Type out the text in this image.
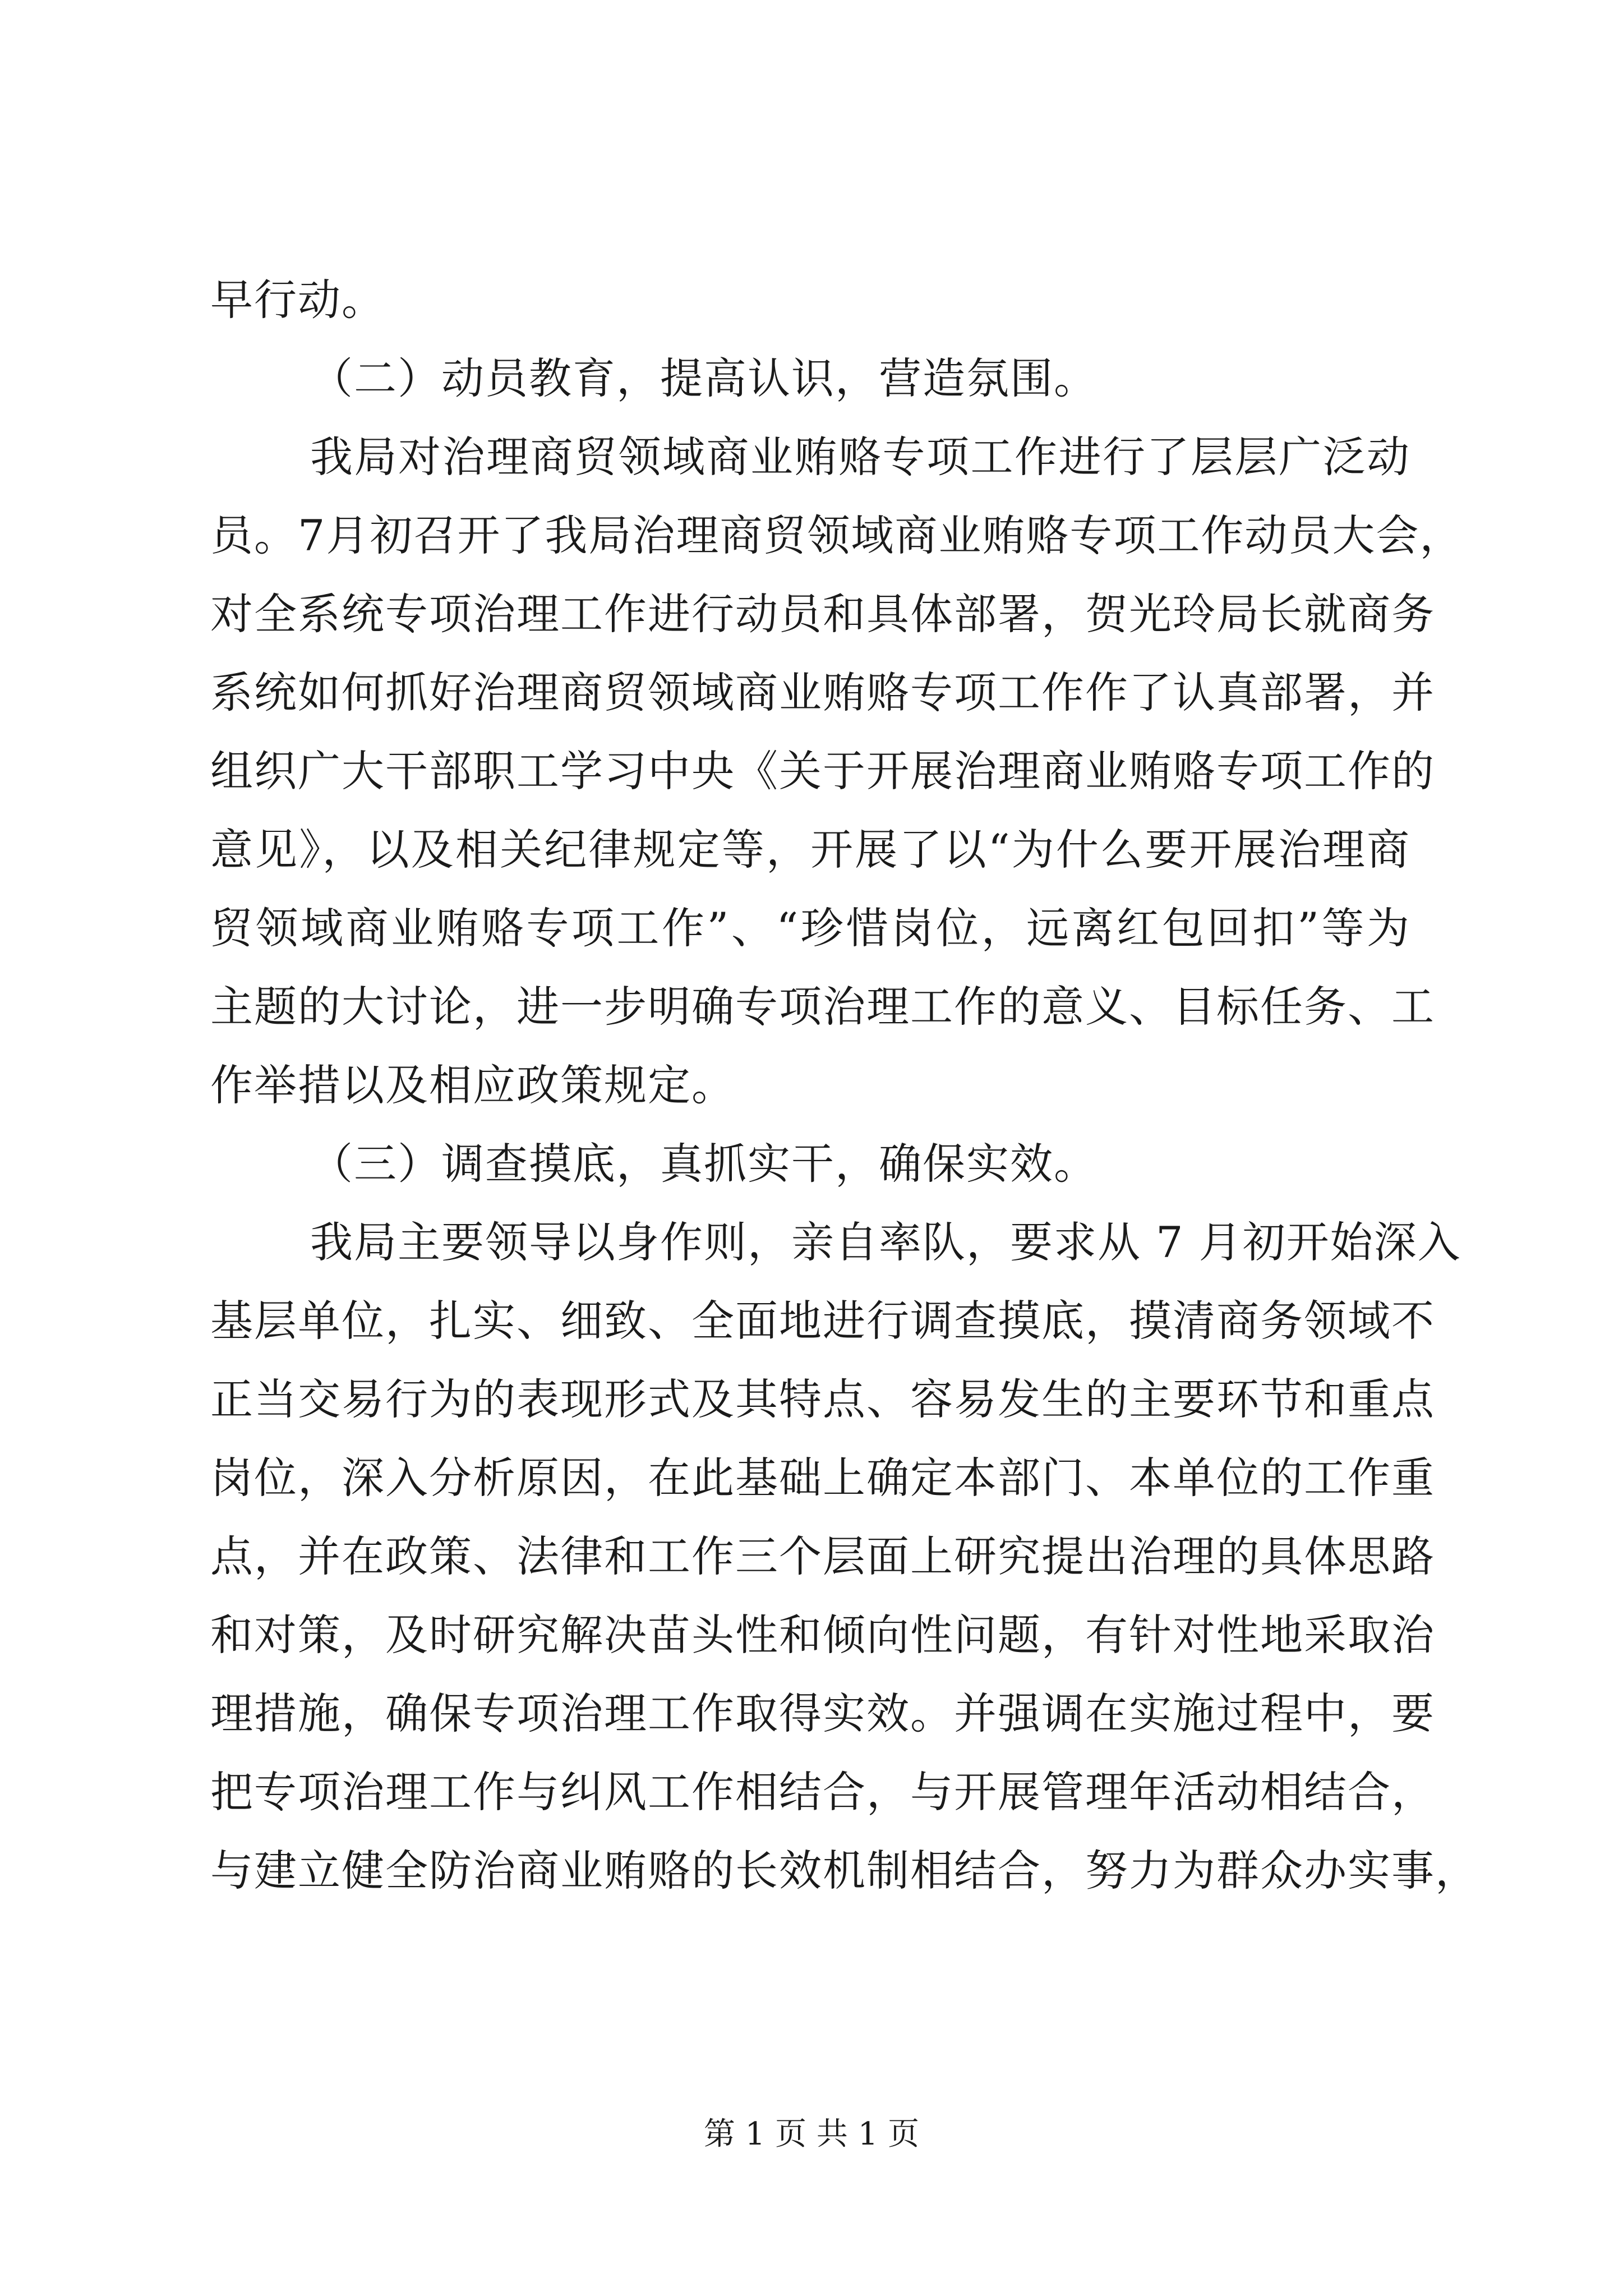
早行动。
（二）动员教育，提高认识，营造氛围。
我局对治理商贸领域商业贿赂专项工作进行了层层广泛动
员。7月初召开了我局治理商贸领域商业贿赂专项工作动员大会，
对全系统专项治理工作进行动员和具体部署，贺光玲局长就商务
系统如何抓好治理商贸领域商业贿赂专项工作作了认真部署，并
组织广大干部职工学习中央《关于开展治理商业贿赂专项工作的
意见》，以及相关纪律规定等，开展了以“为什么要开展治理商
贸领域商业贿赂专项工作”、“珍惜岗位，远离红包回扣”等为
主题的大讨论，进一步明确专项治理工作的意义、目标任务、工
作举措以及相应政策规定。
（三）调查摸底，真抓实干，确保实效。
我局主要领导以身作则，亲自率队，要求从 7 月初开始深入
基层单位，扎实、细致、全面地进行调查摸底，摸清商务领域不
正当交易行为的表现形式及其特点、容易发生的主要环节和重点
岗位，深入分析原因，在此基础上确定本部门、本单位的工作重
点，并在政策、法律和工作三个层面上研究提出治理的具体思路
和对策，及时研究解决苗头性和倾向性问题，有针对性地采取治
理措施，确保专项治理工作取得实效。并强调在实施过程中，要
把专项治理工作与纠风工作相结合，与开展管理年活动相结合，
与建立健全防治商业贿赂的长效机制相结合，努力为群众办实事，
第 1 页 共 1 页
